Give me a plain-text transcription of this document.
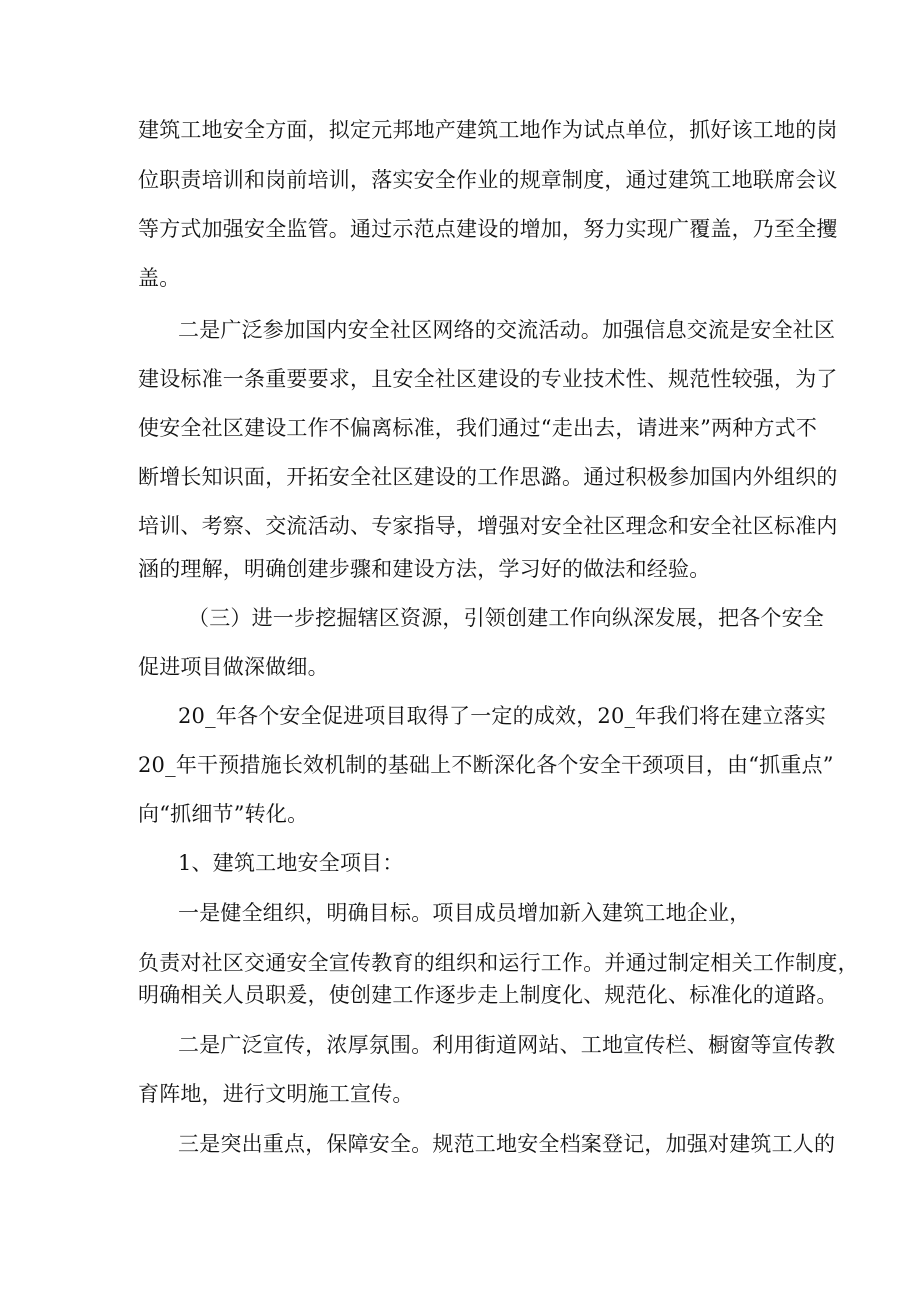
建筑工地安全方面，拟定元邦地产建筑工地作为试点单位，抓好该工地的岗
位职责培训和岗前培训，落实安全作业的规章制度，通过建筑工地联席会议
等方式加强安全监管。通过示范点建设的增加，努力实现广覆盖，乃至全攫
盖。
二是广泛参加国内安全社区网络的交流活动。加强信息交流是安全社区
建设标准一条重要要求，且安全社区建设的专业技术性、规范性较强，为了
使安全社区建设工作不偏离标准，我们通过“走出去，请进来”两种方式不
断增长知识面，开拓安全社区建设的工作思潞。通过积极参加国内外组织的
培训、考察、交流活动、专家指导，增强对安全社区理念和安全社区标准内
涵的理解，明确创建步骤和建设方法，学习好的做法和经验。
（三）进一步挖掘辖区资源，引领创建工作向纵深发展，把各个安全
促进项目做深做细。
20_年各个安全促进项目取得了一定的成效，20_年我们将在建立落实
20_年干预措施长效机制的基础上不断深化各个安全干颈项目，由“抓重点”
向“抓细节”转化。
1、建筑工地安全项目：
一是健全组织，明确目标。项目成员增加新入建筑工地企业，
负责对社区交通安全宣传教育的组织和运行工作。并通过制定相关工作制度，
明确相关人员职爰，使创建工作逐步走上制度化、规范化、标准化的道路。
二是广泛宣传，浓厚氛围。利用街道网站、工地宣传栏、橱窗等宣传教
育阵地，进行文明施工宣传。
三是突出重点，保障安全。规范工地安全档案登记，加强对建筑工人的
